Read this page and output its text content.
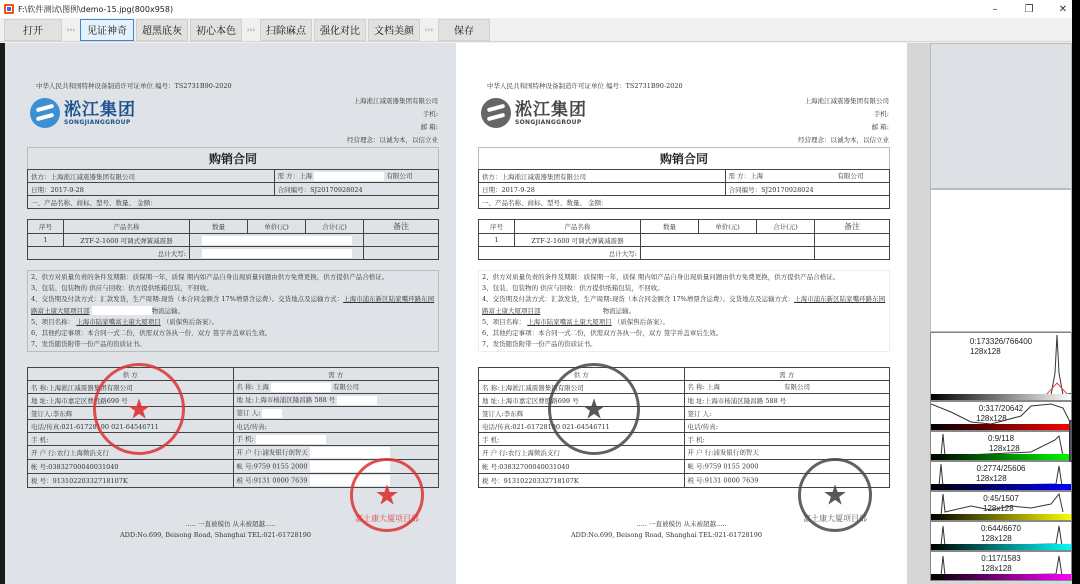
F:\软件测试\图例\demo-15.jpg(800x958)	–	❐	✕
打开	›››	见证神奇	超黑底灰	初心本色	›››	扫除麻点	强化对比	文档美颜	›››	保存
中华人民共和国特种设备制造许可证单位 编号：TS2731B90-2020
淞江集团
SONGJIANGGROUP
上海淞江减震器集团有限公司
手机:
邮 箱:
经营理念：以诚为本，以信立业
购销合同
供方：上海淞江减震器集团有限公司	需 方：上海 有限公司
日期：2017-9-28	合同编号：SJ20170928024
一、产品名称、商标、型号、数量、 金额：	
序号	产品名称	数量	单价(元)	合计(元)	备注
1	ZTF-2-1600 可调式弹簧减震器				
总计大写:					
2、供方对质量负责的条件及期限：质保期一年，质保 期内如产品自身出现质量问题由供方免费更换，供方提供产品合格证。
3、包装、包装物的 供应与回收：供方提供纸箱包装，不回收。
4、交货期及付款方式：汇款发货，生产周期:现货（本合同金额含 17%增票含运费）。交货地点及运输方式：上海市浦东新区陆家嘴环路东园路富土康大厦项目部	物流运输。
5、项目名称： 上海市陆家嘴富土康大厦项目 （质保售后备案）。
6、其他约定事项：本合同一式二份，供需双方各执一份，双方 签字并盖章后生效。
7、发货随货附带一份产品的资质证书。
供 方	需 方
名 称:上海淞江减震器集团有限公司	名 称: 上海 有限公司
地 址:上海市嘉定区曹胜路699 号	地 址:上海市杨浦区隆昌路 588 号
签订人:李东辉	签订 人:
电话/传真:021-61728190 021-64546711	电话/传真:
手 机:	手 机:
开 户 行:农行上海徵浜支行	开 户 行:浦发银行创智天
帐 号:03832700040031040	帐 号:9759 0155 2000
税 号：91310220332718107K	税 号:9131 0000 7639
★
★
富土康大厦项目部
..... 一直被模仿 从未被超越.....
ADD:No.699, Beisong Road, Shanghai TEL:021-61728190
中华人民共和国特种设备制造许可证单位 编号：TS2731B90-2020
淞江集团
SONGJIANGGROUP
上海淞江减震器集团有限公司
手机:
邮 箱:
经营理念：以诚为本，以信立业
购销合同
供方：上海淞江减震器集团有限公司	需 方：上海 有限公司
日期：2017-9-28	合同编号：SJ20170928024
一、产品名称、商标、型号、数量、 金额：	
序号	产品名称	数量	单价(元)	合计(元)	备注
1	ZTF-2-1600 可调式弹簧减震器				
总计大写:					
2、供方对质量负责的条件及期限：质保期一年，质保 期内如产品自身出现质量问题由供方免费更换，供方提供产品合格证。
3、包装、包装物的 供应与回收：供方提供纸箱包装，不回收。
4、交货期及付款方式：汇款发货，生产周期:现货（本合同金额含 17%增票含运费）。交货地点及运输方式：上海市浦东新区陆家嘴环路东园路富土康大厦项目部	物流运输。
5、项目名称： 上海市陆家嘴富土康大厦项目 （质保售后备案）。
6、其他约定事项：本合同一式二份，供需双方各执一份，双方 签字并盖章后生效。
7、发货随货附带一份产品的资质证书。
供 方	需 方
名 称:上海淞江减震器集团有限公司	名 称: 上海 有限公司
地 址:上海市嘉定区曹胜路699 号	地 址:上海市杨浦区隆昌路 588 号
签订人:李东辉	签订 人:
电话/传真:021-61728190 021-64546711	电话/传真:
手 机:	手 机:
开 户 行:农行上海徵浜支行	开 户 行:浦发银行创智天
帐 号:03832700040031040	帐 号:9759 0155 2000
税 号：91310220332718107K	税 号:9131 0000 7639
★
★
富土康大厦项目部
..... 一直被模仿 从未被超越.....
ADD:No.699, Beisong Road, Shanghai TEL:021-61728190
0:173326/766400
128x128
0:317/20642
128x128
0:9/118
128x128
0:2774/25606
128x128
0:45/1507
128x128
0:644/6670
128x128
0:117/1583
128x128
